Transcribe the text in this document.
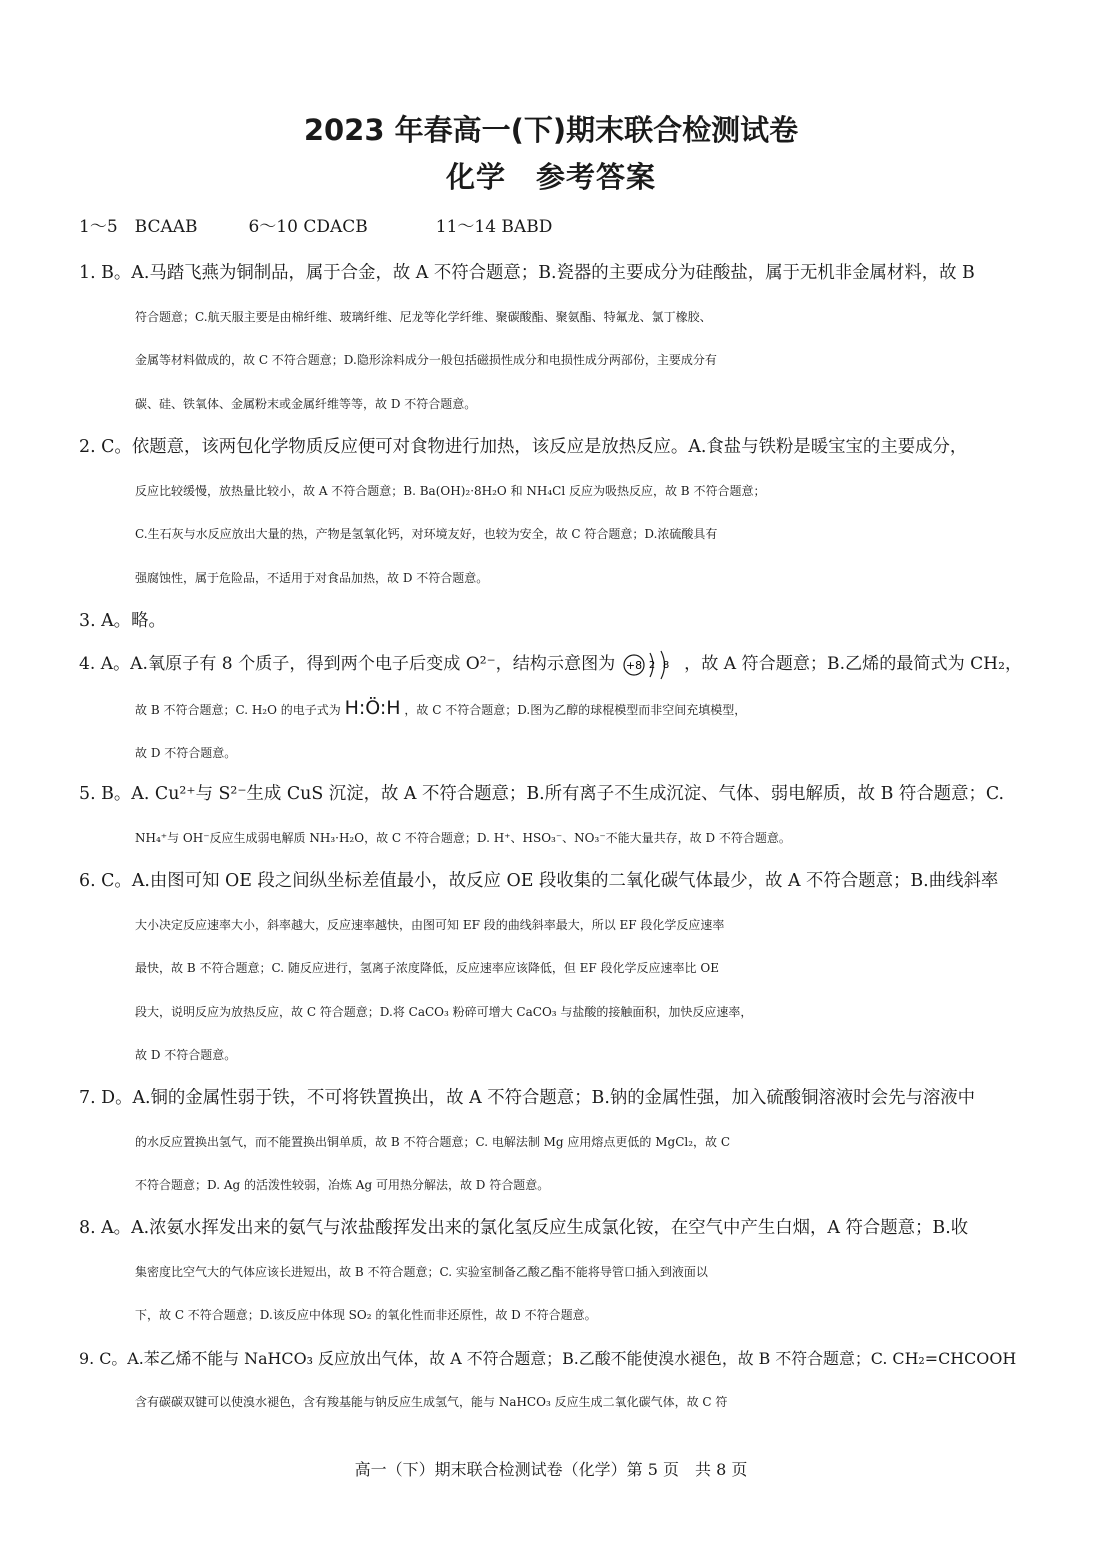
2023 年春高一(下)期末联合检测试卷
化学　参考答案
1～5　BCAAB　　　6～10 CDACB　　　　11～14 BABD
1. B。A.马踏飞燕为铜制品，属于合金，故 A 不符合题意；B.瓷器的主要成分为硅酸盐，属于无机非金属材料，故 B
符合题意；C.航天服主要是由棉纤维、玻璃纤维、尼龙等化学纤维、聚碳酸酯、聚氨酯、特氟龙、氯丁橡胶、
金属等材料做成的，故 C 不符合题意；D.隐形涂料成分一般包括磁损性成分和电损性成分两部份，主要成分有
碳、硅、铁氧体、金属粉末或金属纤维等等，故 D 不符合题意。
2. C。依题意，该两包化学物质反应便可对食物进行加热，该反应是放热反应。A.食盐与铁粉是暖宝宝的主要成分，
反应比较缓慢，放热量比较小，故 A 不符合题意；B. Ba(OH)₂·8H₂O 和 NH₄Cl 反应为吸热反应，故 B 不符合题意；
C.生石灰与水反应放出大量的热，产物是氢氧化钙，对环境友好，也较为安全，故 C 符合题意；D.浓硫酸具有
强腐蚀性，属于危险品，不适用于对食品加热，故 D 不符合题意。
3. A。略。
4. A。A.氧原子有 8 个质子，得到两个电子后变成 O²⁻，结构示意图为 +8 2 8 ，故 A 符合题意；B.乙烯的最简式为 CH₂，
故 B 不符合题意；C. H₂O 的电子式为 H:Ö:H ，故 C 不符合题意；D.图为乙醇的球棍模型而非空间充填模型，
故 D 不符合题意。
5. B。A. Cu²⁺与 S²⁻生成 CuS 沉淀，故 A 不符合题意；B.所有离子不生成沉淀、气体、弱电解质，故 B 符合题意；C.
NH₄⁺与 OH⁻反应生成弱电解质 NH₃·H₂O，故 C 不符合题意；D. H⁺、HSO₃⁻、NO₃⁻不能大量共存，故 D 不符合题意。
6. C。A.由图可知 OE 段之间纵坐标差值最小，故反应 OE 段收集的二氧化碳气体最少，故 A 不符合题意；B.曲线斜率
大小决定反应速率大小，斜率越大，反应速率越快，由图可知 EF 段的曲线斜率最大，所以 EF 段化学反应速率
最快，故 B 不符合题意；C. 随反应进行，氢离子浓度降低，反应速率应该降低，但 EF 段化学反应速率比 OE
段大，说明反应为放热反应，故 C 符合题意；D.将 CaCO₃ 粉碎可增大 CaCO₃ 与盐酸的接触面积，加快反应速率，
故 D 不符合题意。
7. D。A.铜的金属性弱于铁，不可将铁置换出，故 A 不符合题意；B.钠的金属性强，加入硫酸铜溶液时会先与溶液中
的水反应置换出氢气，而不能置换出铜单质，故 B 不符合题意；C. 电解法制 Mg 应用熔点更低的 MgCl₂，故 C
不符合题意；D. Ag 的活泼性较弱，冶炼 Ag 可用热分解法，故 D 符合题意。
8. A。A.浓氨水挥发出来的氨气与浓盐酸挥发出来的氯化氢反应生成氯化铵，在空气中产生白烟，A 符合题意；B.收
集密度比空气大的气体应该长进短出，故 B 不符合题意；C. 实验室制备乙酸乙酯不能将导管口插入到液面以
下，故 C 不符合题意；D.该反应中体现 SO₂ 的氧化性而非还原性，故 D 不符合题意。
9. C。A.苯乙烯不能与 NaHCO₃ 反应放出气体，故 A 不符合题意；B.乙酸不能使溴水褪色，故 B 不符合题意；C. CH₂=CHCOOH
含有碳碳双键可以使溴水褪色，含有羧基能与钠反应生成氢气，能与 NaHCO₃ 反应生成二氧化碳气体，故 C 符
高一（下）期末联合检测试卷（化学）第 5 页　共 8 页
